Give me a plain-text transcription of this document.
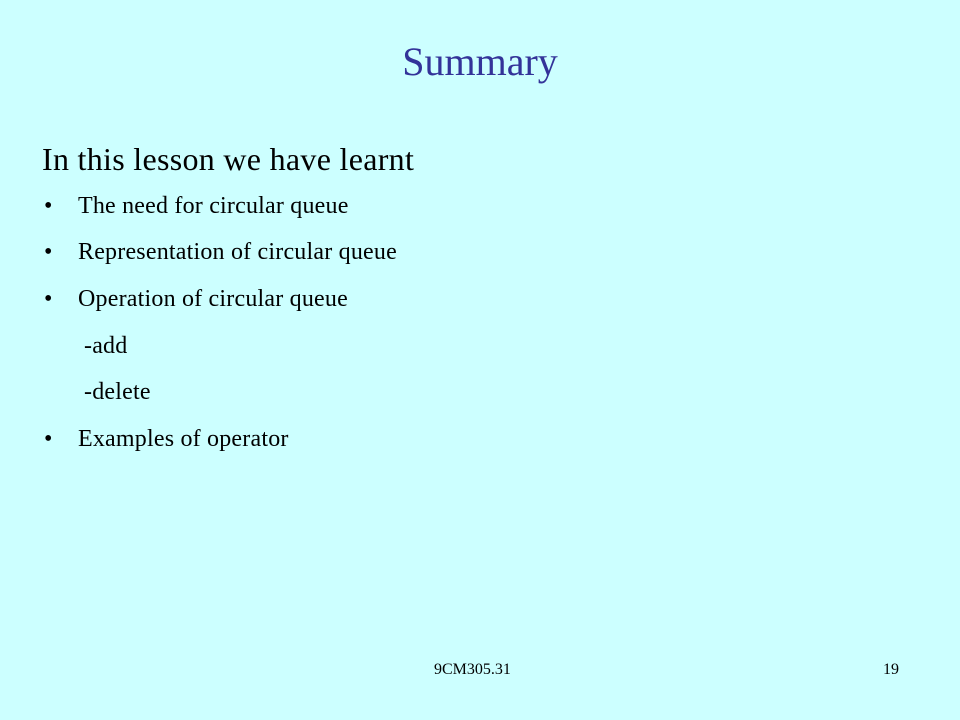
Summary
In this lesson we have learnt
• The need for circular queue
• Representation of circular queue
• Operation of circular queue
-add
-delete
• Examples of operator
9CM305.31	19
